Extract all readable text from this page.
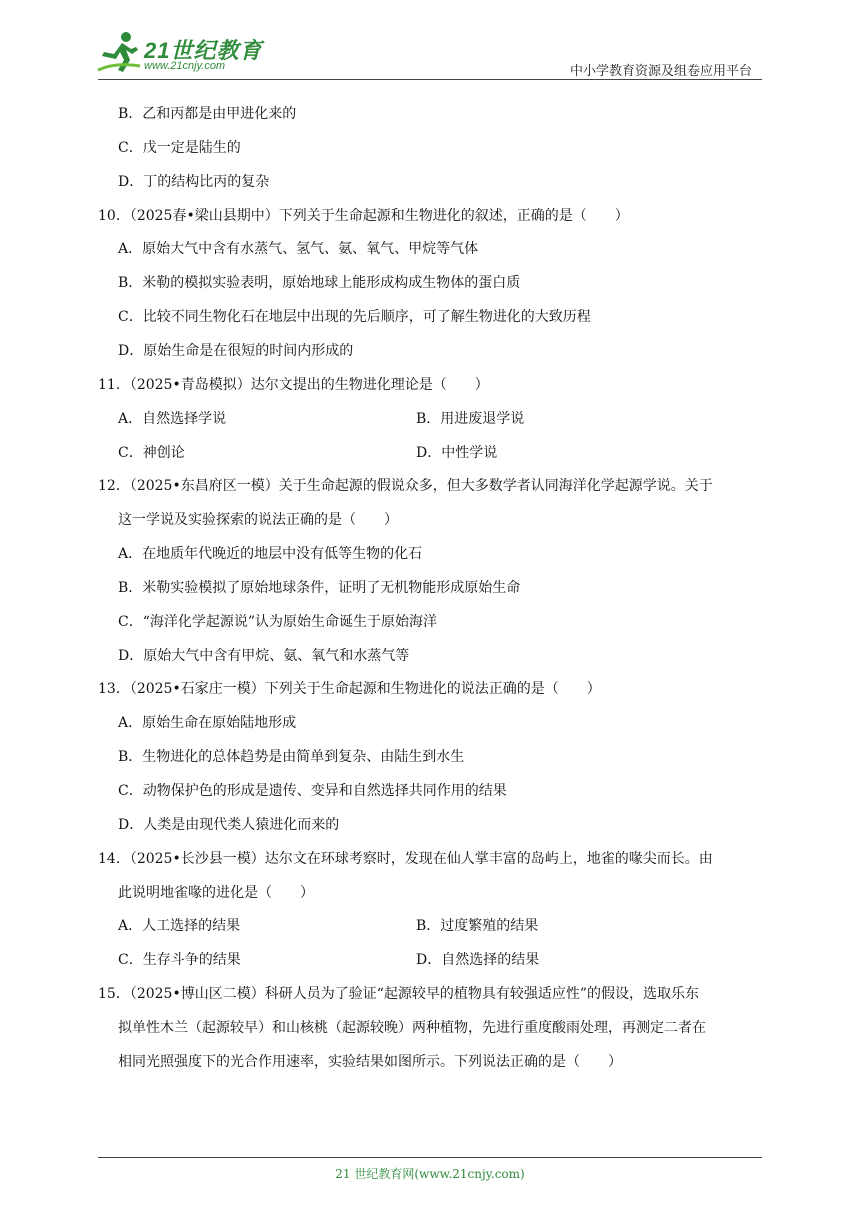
21世纪教育
www.21cnjy.com	中小学教育资源及组卷应用平台
B．乙和丙都是由甲进化来的
C．戊一定是陆生的
D．丁的结构比丙的复杂
10．（2025春•梁山县期中）下列关于生命起源和生物进化的叙述，正确的是（　　）
A．原始大气中含有水蒸气、氢气、氨、氧气、甲烷等气体
B．米勒的模拟实验表明，原始地球上能形成构成生物体的蛋白质
C．比较不同生物化石在地层中出现的先后顺序，可了解生物进化的大致历程
D．原始生命是在很短的时间内形成的
11．（2025•青岛模拟）达尔文提出的生物进化理论是（　　）
A．自然选择学说	B．用进废退学说
C．神创论	D．中性学说
12．（2025•东昌府区一模）关于生命起源的假说众多，但大多数学者认同海洋化学起源学说。关于
这一学说及实验探索的说法正确的是（　　）
A．在地质年代晚近的地层中没有低等生物的化石
B．米勒实验模拟了原始地球条件，证明了无机物能形成原始生命
C．“海洋化学起源说”认为原始生命诞生于原始海洋
D．原始大气中含有甲烷、氨、氧气和水蒸气等
13．（2025•石家庄一模）下列关于生命起源和生物进化的说法正确的是（　　）
A．原始生命在原始陆地形成
B．生物进化的总体趋势是由简单到复杂、由陆生到水生
C．动物保护色的形成是遗传、变异和自然选择共同作用的结果
D．人类是由现代类人猿进化而来的
14．（2025•长沙县一模）达尔文在环球考察时，发现在仙人掌丰富的岛屿上，地雀的喙尖而长。由
此说明地雀喙的进化是（　　）
A．人工选择的结果	B．过度繁殖的结果
C．生存斗争的结果	D．自然选择的结果
15．（2025•博山区二模）科研人员为了验证“起源较早的植物具有较强适应性”的假设，选取乐东
拟单性木兰（起源较早）和山核桃（起源较晚）两种植物，先进行重度酸雨处理，再测定二者在
相同光照强度下的光合作用速率，实验结果如图所示。下列说法正确的是（　　）
21 世纪教育网(www.21cnjy.com)
